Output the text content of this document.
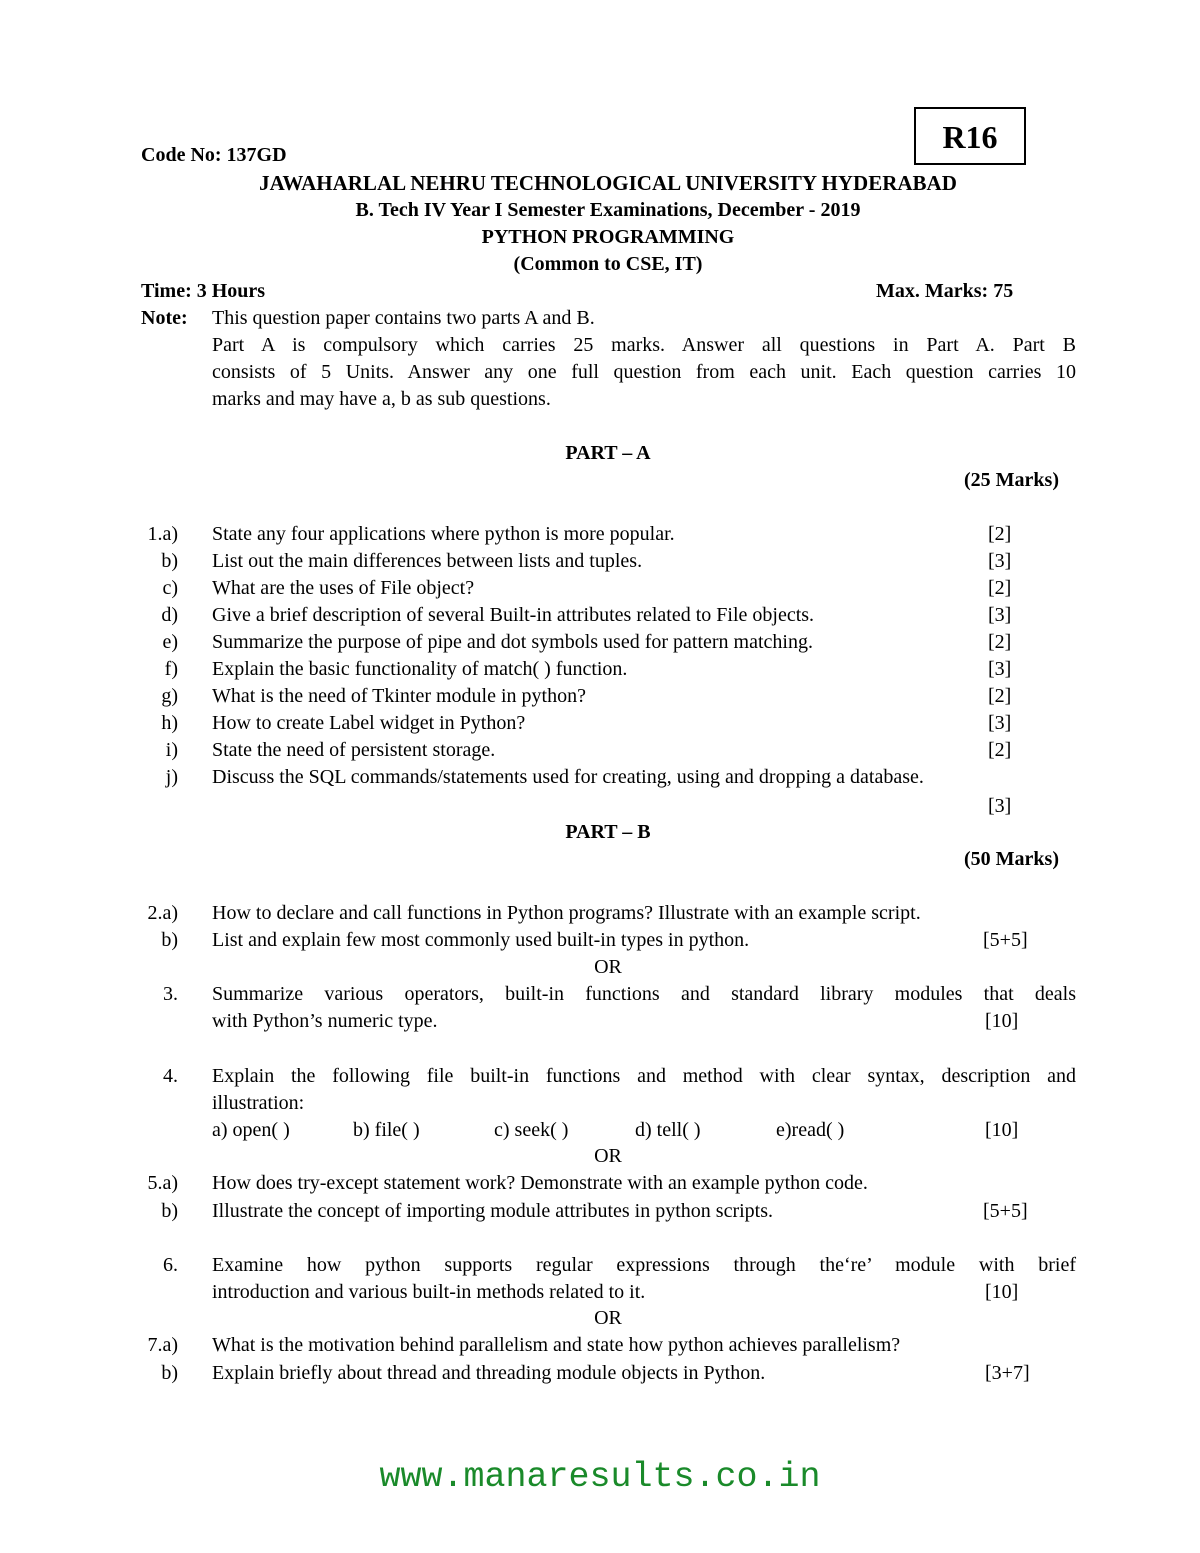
R16
Code No: 137GD
JAWAHARLAL NEHRU TECHNOLOGICAL UNIVERSITY HYDERABAD
B. Tech IV Year I Semester Examinations, December - 2019
PYTHON PROGRAMMING
(Common to CSE, IT)
Time: 3 Hours	Max. Marks: 75
Note: This question paper contains two parts A and B.
Part A is compulsory which carries 25 marks. Answer all questions in Part A. Part B
consists of 5 Units. Answer any one full question from each unit. Each question carries 10
marks and may have a, b as sub questions.
PART – A
(25 Marks)
1.a) State any four applications where python is more popular.	[2]
b) List out the main differences between lists and tuples.	[3]
c) What are the uses of File object?	[2]
d) Give a brief description of several Built-in attributes related to File objects.	[3]
e) Summarize the purpose of pipe and dot symbols used for pattern matching.	[2]
f) Explain the basic functionality of match( ) function.	[3]
g) What is the need of Tkinter module in python?	[2]
h) How to create Label widget in Python?	[3]
i) State the need of persistent storage.	[2]
j) Discuss the SQL commands/statements used for creating, using and dropping a database.
[3]
PART – B
(50 Marks)
2.a) How to declare and call functions in Python programs? Illustrate with an example script.
b) List and explain few most commonly used built-in types in python.	[5+5]
OR
3. Summarize various operators, built-in functions and standard library modules that deals
with Python’s numeric type.	[10]
4. Explain the following file built-in functions and method with clear syntax, description and
illustration:
a) open( )	b) file( )	c) seek( )	d) tell( )	e)read( )	[10]
OR
5.a) How does try-except statement work? Demonstrate with an example python code.
b) Illustrate the concept of importing module attributes in python scripts.	[5+5]
6. Examine how python supports regular expressions through the‘re’ module with brief
introduction and various built-in methods related to it.	[10]
OR
7.a) What is the motivation behind parallelism and state how python achieves parallelism?
b) Explain briefly about thread and threading module objects in Python.	[3+7]
www.manaresults.co.in
